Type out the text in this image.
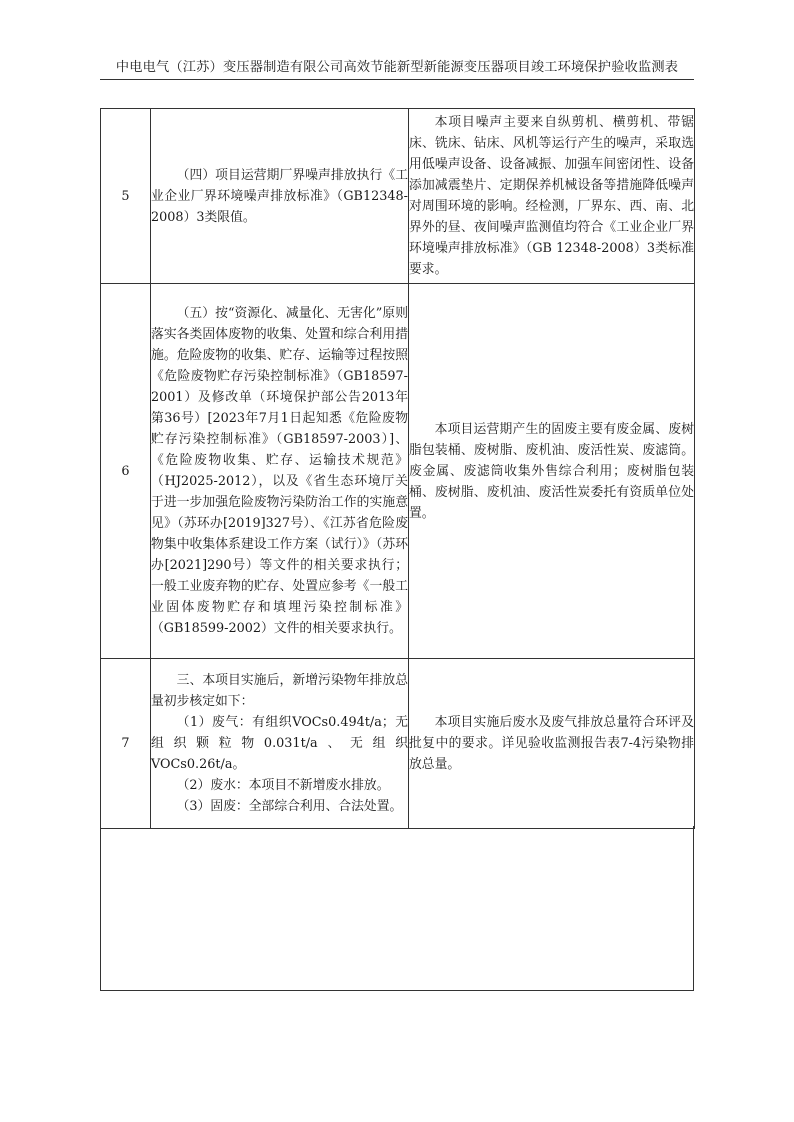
中电电气（江苏）变压器制造有限公司高效节能新型新能源变压器项目竣工环境保护验收监测表
5	（四）项目运营期厂界噪声排放执行《工业企业厂界环境噪声排放标准》（GB12348-2008）3类限值。	本项目噪声主要来自纵剪机、横剪机、带锯床、铣床、钻床、风机等运行产生的噪声，采取选用低噪声设备、设备减振、加强车间密闭性、设备添加减震垫片、定期保养机械设备等措施降低噪声对周围环境的影响。经检测，厂界东、西、南、北界外的昼、夜间噪声监测值均符合《工业企业厂界环境噪声排放标准》（GB 12348-2008）3类标准要求。
6	（五）按“资源化、减量化、无害化”原则落实各类固体废物的收集、处置和综合利用措施。危险废物的收集、贮存、运输等过程按照《危险废物贮存污染控制标准》（GB18597-2001）及修改单（环境保护部公告2013年第36号）[2023年7月1日起知悉《危险废物贮存污染控制标准》（GB18597-2003）]、《危险废物收集、贮存、运输技术规范》（HJ2025-2012），以及《省生态环境厅关于进一步加强危险废物污染防治工作的实施意见》（苏环办[2019]327号）、《江苏省危险废物集中收集体系建设工作方案（试行）》（苏环办[2021]290号）等文件的相关要求执行；一般工业废弃物的贮存、处置应参考《一般工业固体废物贮存和填埋污染控制标准》（GB18599-2002）文件的相关要求执行。	本项目运营期产生的固废主要有废金属、废树脂包装桶、废树脂、废机油、废活性炭、废滤筒。废金属、废滤筒收集外售综合利用；废树脂包装桶、废树脂、废机油、废活性炭委托有资质单位处置。
7	三、本项目实施后，新增污染物年排放总量初步核定如下：

（1）废气：有组织VOCs0.494t/a；无组织颗粒物0.031t/a、无组织VOCs0.26t/a。

（2）废水：本项目不新增废水排放。

（3）固废：全部综合利用、合法处置。	本项目实施后废水及废气排放总量符合环评及批复中的要求。详见验收监测报告表7-4污染物排放总量。
